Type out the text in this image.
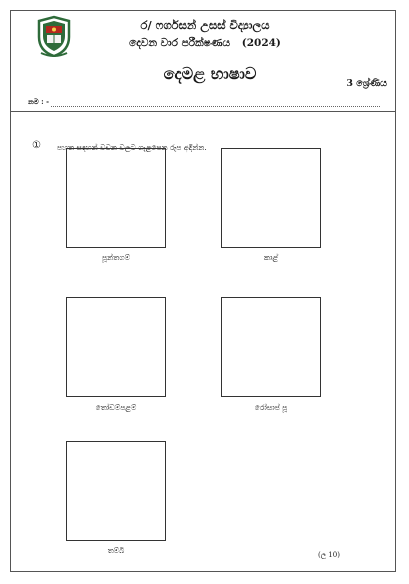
ර/ ෆර්ගසන් උසස් විද්‍යාලය
දෙවන වාර පරීක්ෂණය (2024)
දෙමළ භාෂාව
3 ශ්‍රේණිය
නම : -
① පහත සඳහන් වචන වලට ගැළපෙන රූප අඳින්න.
පූන්තගම්	කාළ්
තෝඩම්පළම්	රෝසාප් පූ
තම්බි	(ල 10)
